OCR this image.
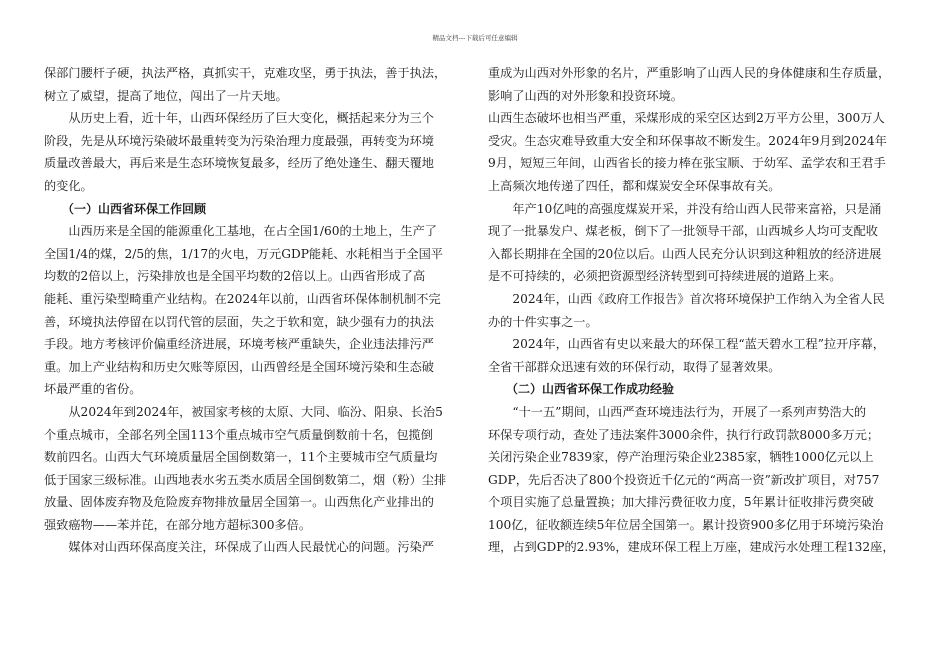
精品文档---下载后可任意编辑
保部门腰杆子硬，执法严格，真抓实干，克难攻坚，勇于执法，善于执法，
树立了威望，提高了地位，闯出了一片天地。
　　从历史上看，近十年，山西环保经历了巨大变化，概括起来分为三个
阶段，先是从环境污染破坏最重转变为污染治理力度最强，再转变为环境
质量改善最大，再后来是生态环境恢复最多，经历了绝处逢生、翻天覆地
的变化。
　　（一）山西省环保工作回顾
　　山西历来是全国的能源重化工基地，在占全国1/60的土地上，生产了
全国1/4的煤，2/5的焦，1/17的火电，万元GDP能耗、水耗相当于全国平
均数的2倍以上，污染排放也是全国平均数的2倍以上。山西省形成了高
能耗、重污染型畸重产业结构。在2024年以前，山西省环保体制机制不完
善，环境执法停留在以罚代管的层面，失之于软和宽，缺少强有力的执法
手段。地方考核评价偏重经济进展，环境考核严重缺失，企业违法排污严
重。加上产业结构和历史欠账等原因，山西曾经是全国环境污染和生态破
坏最严重的省份。
　　从2024年到2024年，被国家考核的太原、大同、临汾、阳泉、长治5
个重点城市，全部名列全国113个重点城市空气质量倒数前十名，包揽倒
数前四名。山西大气环境质量居全国倒数第一，11个主要城市空气质量均
低于国家三级标准。山西地表水劣五类水质居全国倒数第二，烟（粉）尘排
放量、固体废弃物及危险废弃物排放量居全国第一。山西焦化产业排出的
强致癌物——苯并芘，在部分地方超标300多倍。
　　媒体对山西环保高度关注，环保成了山西人民最忧心的问题。污染严
重成为山西对外形象的名片，严重影响了山西人民的身体健康和生存质量，
影响了山西的对外形象和投资环境。
山西生态破坏也相当严重，采煤形成的采空区达到2万平方公里，300万人
受灾。生态灾难导致重大安全和环保事故不断发生。2024年9月到2024年
9月，短短三年间，山西省长的接力棒在张宝顺、于幼军、孟学农和王君手
上高频次地传递了四任，都和煤炭安全环保事故有关。
　　年产10亿吨的高强度煤炭开采，并没有给山西人民带来富裕，只是涌
现了一批暴发户、煤老板，倒下了一批领导干部，山西城乡人均可支配收
入都长期排在全国的20位以后。山西人民充分认识到这种粗放的经济进展
是不可持续的，必须把资源型经济转型到可持续进展的道路上来。
　　2024年，山西《政府工作报告》首次将环境保护工作纳入为全省人民
办的十件实事之一。
　　2024年，山西省有史以来最大的环保工程“蓝天碧水工程”拉开序幕，
全省干部群众迅速有效的环保行动，取得了显著效果。
　　（二）山西省环保工作成功经验
　　“十一五”期间，山西严查环境违法行为，开展了一系列声势浩大的
环保专项行动，查处了违法案件3000余件，执行行政罚款8000多万元；
关闭污染企业7839家，停产治理污染企业2385家，牺牲1000亿元以上
GDP，先后否决了800个投资近千亿元的“两高一资”新改扩项目，对757
个项目实施了总量置换；加大排污费征收力度，5年累计征收排污费突破
100亿，征收额连续5年位居全国第一。累计投资900多亿用于环境污染治
理，占到GDP的2.93%，建成环保工程上万座，建成污水处理工程132座，
